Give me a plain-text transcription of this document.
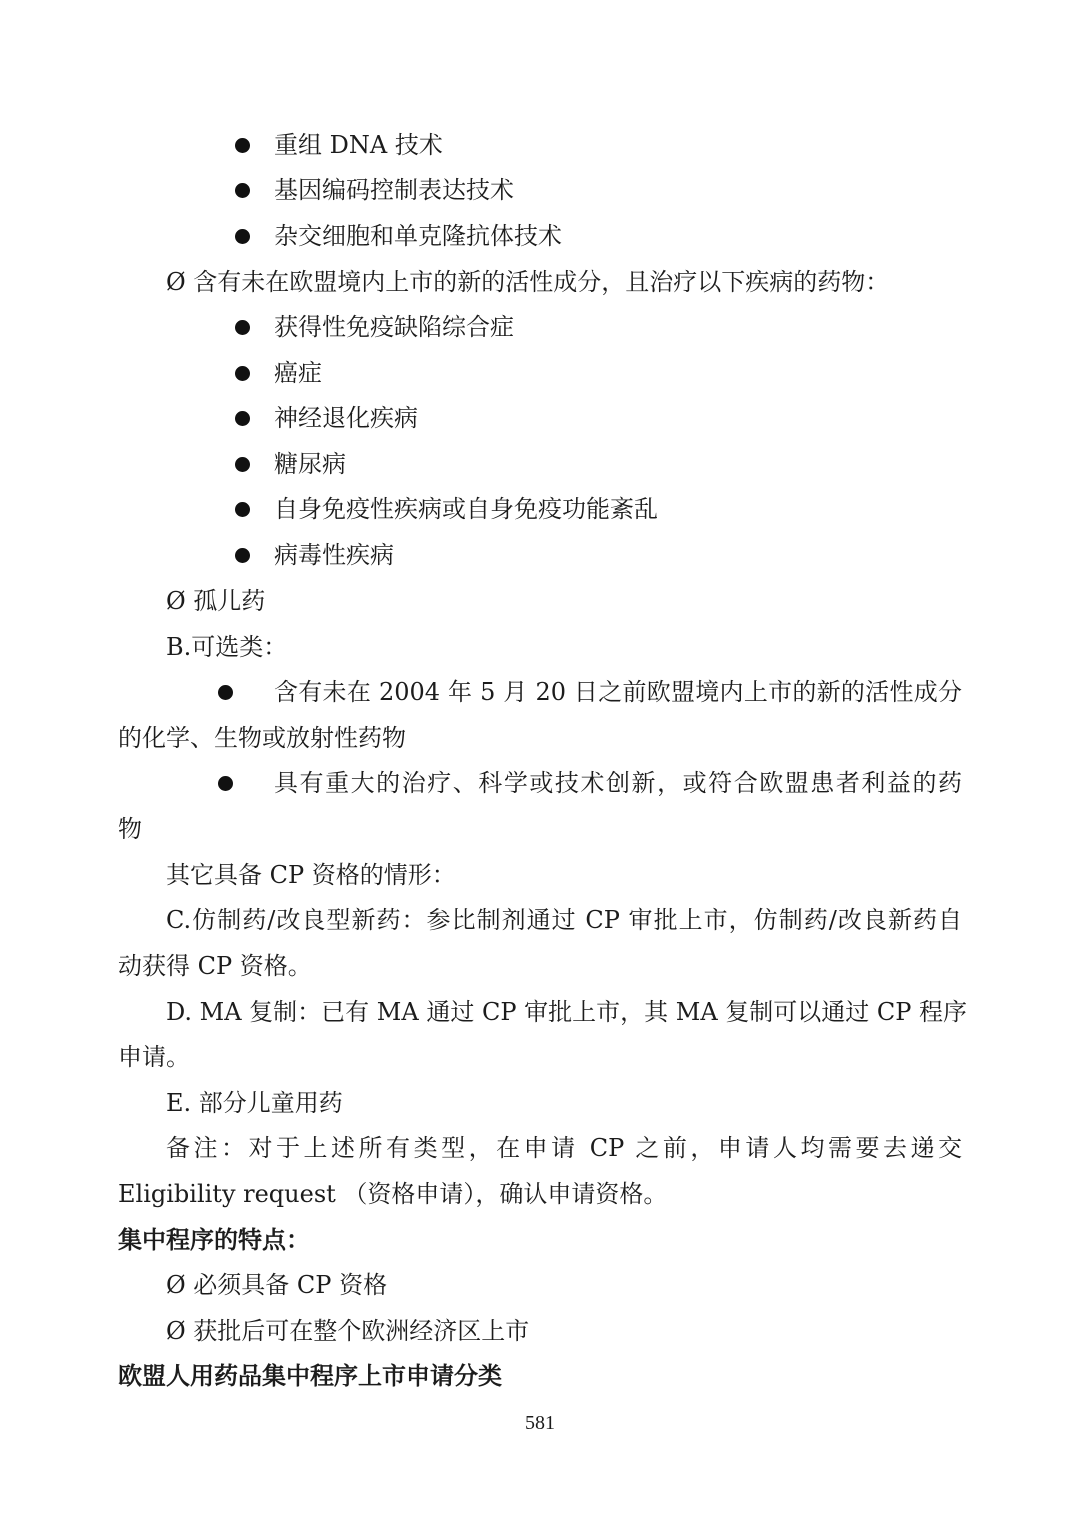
重组 DNA 技术
基因编码控制表达技术
杂交细胞和单克隆抗体技术
Ø 含有未在欧盟境内上市的新的活性成分，且治疗以下疾病的药物：
获得性免疫缺陷综合症
癌症
神经退化疾病
糖尿病
自身免疫性疾病或自身免疫功能紊乱
病毒性疾病
Ø 孤儿药
B.可选类：
含有未在 2004 年 5 月 20 日之前欧盟境内上市的新的活性成分
的化学、生物或放射性药物
具有重大的治疗、科学或技术创新，或符合欧盟患者利益的药
物
其它具备 CP 资格的情形：
C.仿制药/改良型新药：参比制剂通过 CP 审批上市，仿制药/改良新药自
动获得 CP 资格。
D. MA 复制：已有 MA 通过 CP 审批上市，其 MA 复制可以通过 CP 程序
申请。
E. 部分儿童用药
备注：对于上述所有类型，在申请 CP 之前，申请人均需要去递交
Eligibility request （资格申请），确认申请资格。
集中程序的特点：
Ø 必须具备 CP 资格
Ø 获批后可在整个欧洲经济区上市
欧盟人用药品集中程序上市申请分类
581
